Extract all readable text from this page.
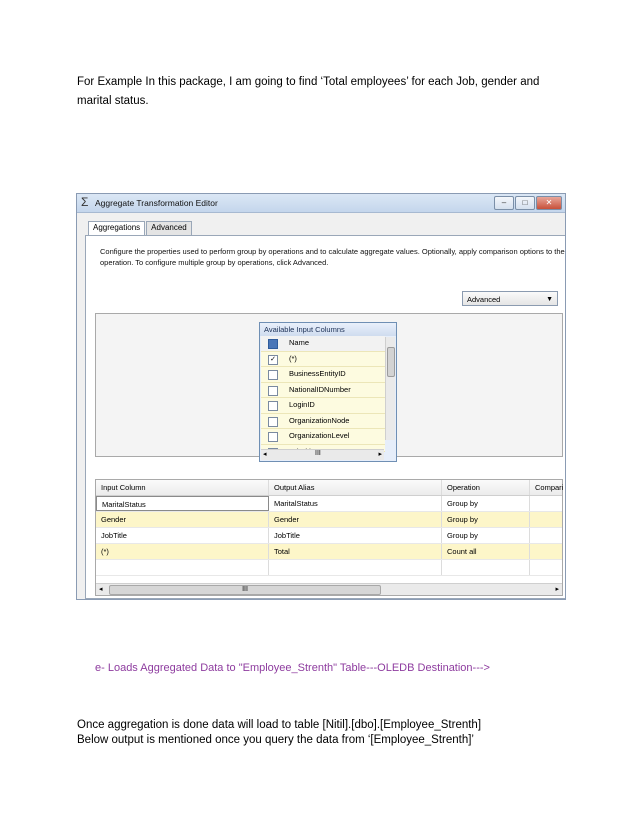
For Example In this package, I am going to find ‘Total employees’ for each Job, gender and marital status.
Σ Aggregate Transformation Editor	–	□	✕
Aggregations	Advanced
Configure the properties used to perform group by operations and to calculate aggregate values. Optionally, apply comparison options to the operation. To configure multiple group by operations, click Advanced.
Advanced	▼
Available Input Columns
Name
✓ (*)
BusinessEntityID
NationalIDNumber
LoginID
OrganizationNode
OrganizationLevel
◂	III	▸
Input Column	Output Alias	Operation	Compari
MaritalStatus	MaritalStatus	Group by
Gender	Gender	Group by
JobTitle	JobTitle	Group by
(*)	Total	Count all
◂	III	▸
e- Loads Aggregated Data to "Employee_Strenth" Table---OLEDB Destination--->
Once aggregation is done data will load to table [Nitil].[dbo].[Employee_Strenth]
Below output is mentioned once you query the data from ‘[Employee_Strenth]’
